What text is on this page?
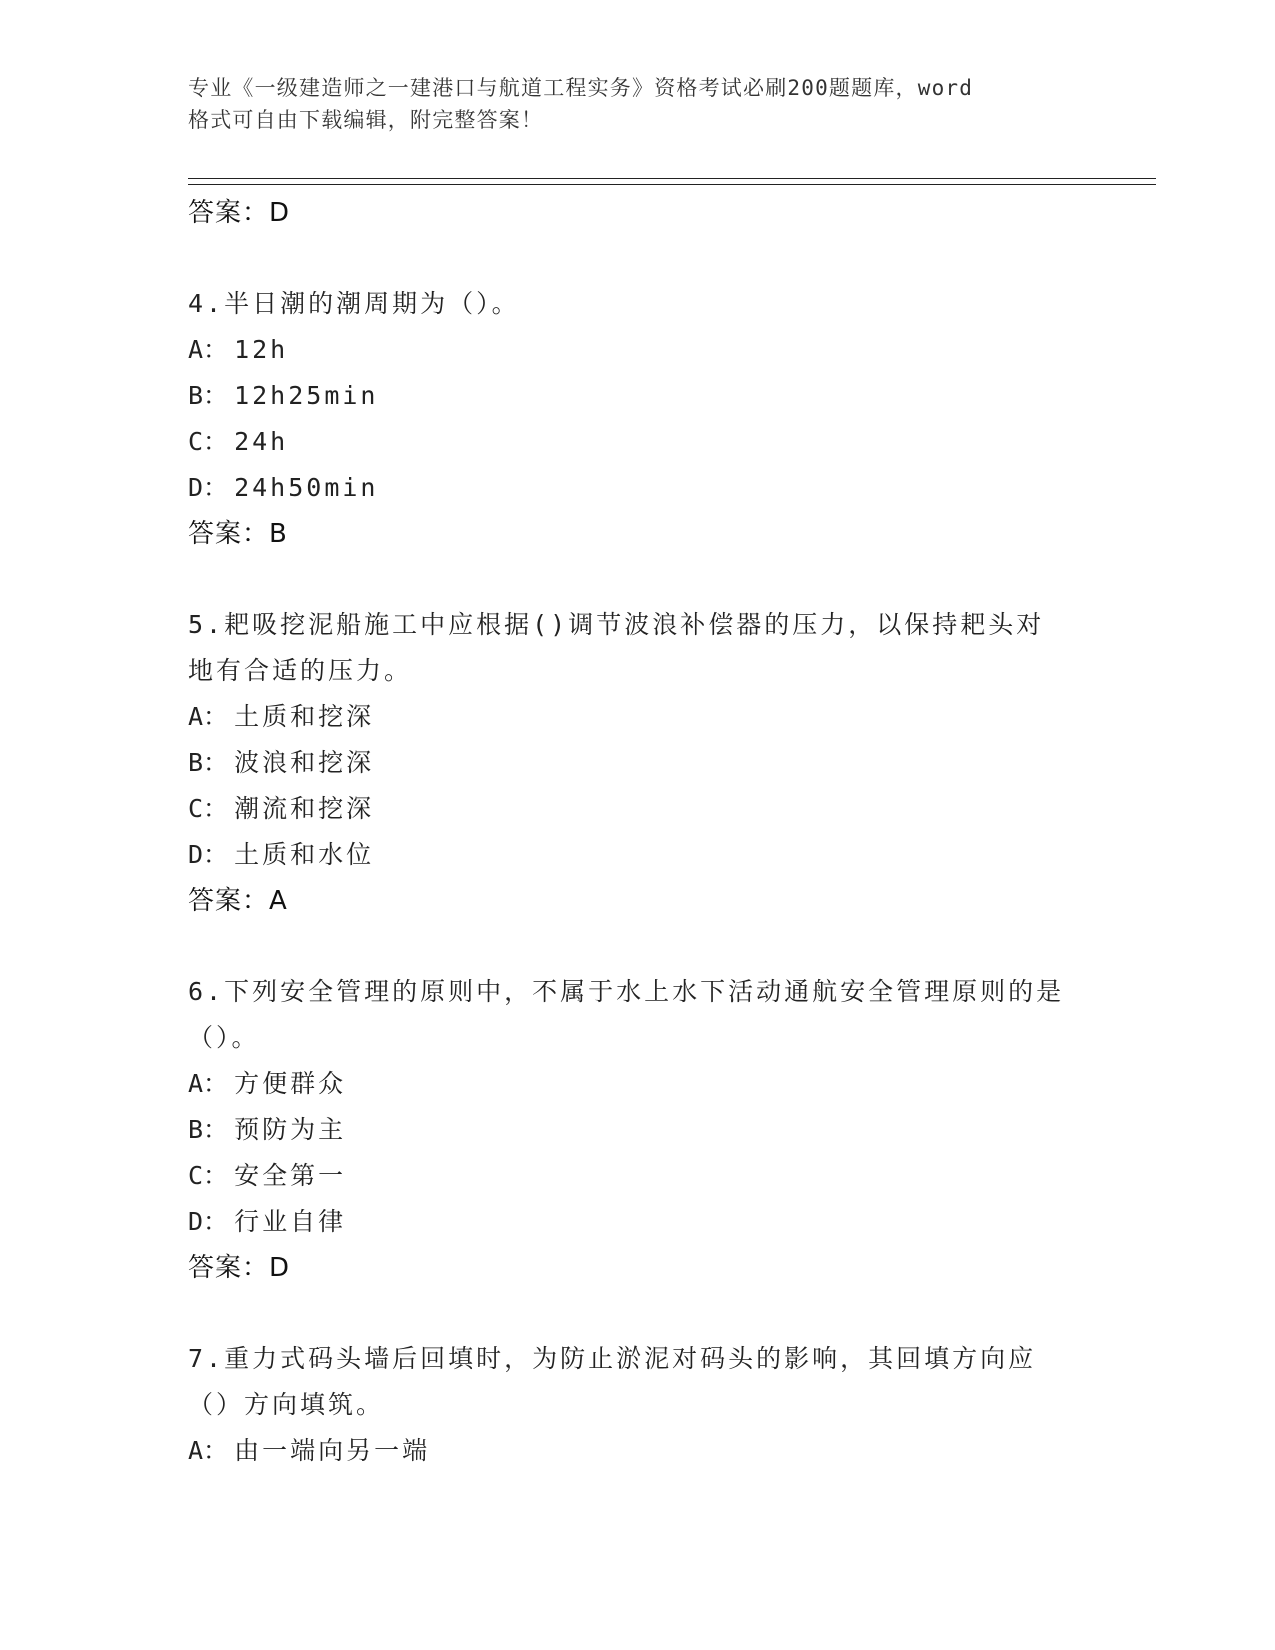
专业《一级建造师之一建港口与航道工程实务》资格考试必刷200题题库，word
格式可自由下载编辑，附完整答案！
答案：D
4.半日潮的潮周期为（）。
A： 12h
B： 12h25min
C： 24h
D： 24h50min
答案：B
5.耙吸挖泥船施工中应根据()调节波浪补偿器的压力，以保持耙头对地有合适的压力。
A： 土质和挖深
B： 波浪和挖深
C： 潮流和挖深
D： 土质和水位
答案：A
6.下列安全管理的原则中，不属于水上水下活动通航安全管理原则的是（）。
A： 方便群众
B： 预防为主
C： 安全第一
D： 行业自律
答案：D
7.重力式码头墙后回填时，为防止淤泥对码头的影响，其回填方向应（）方向填筑。
A： 由一端向另一端
